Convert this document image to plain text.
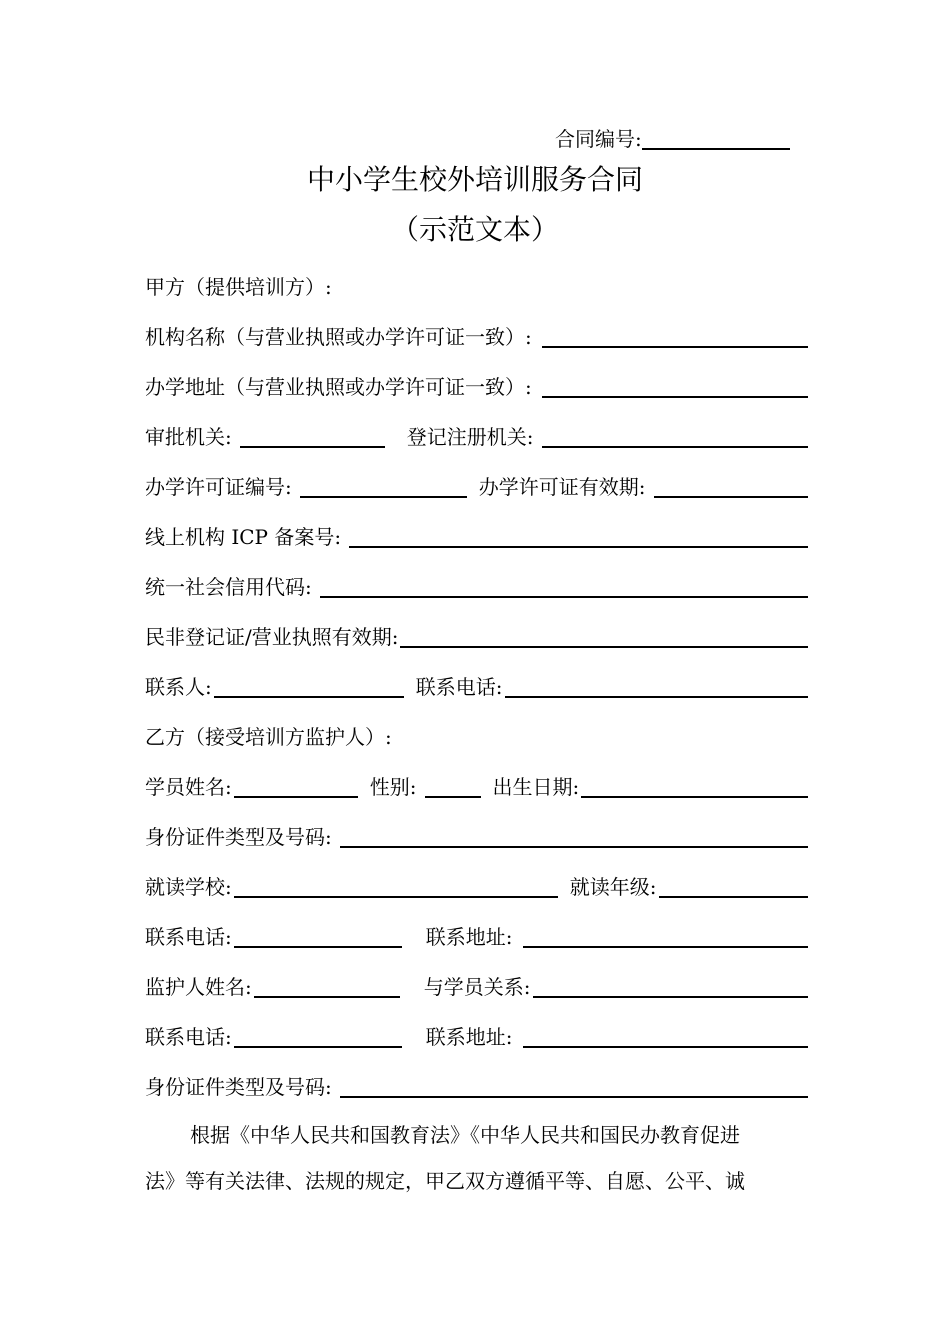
合同编号:
中小学生校外培训服务合同
（示范文本）
甲方（提供培训方）:
机构名称（与营业执照或办学许可证一致）:
办学地址（与营业执照或办学许可证一致）:
审批机关:	登记注册机关:
办学许可证编号:	办学许可证有效期:
线上机构 ICP 备案号:
统一社会信用代码:
民非登记证/营业执照有效期:
联系人:	联系电话:
乙方（接受培训方监护人）:
学员姓名:	性别:	出生日期:
身份证件类型及号码:
就读学校:	就读年级:
联系电话:	联系地址:
监护人姓名:	与学员关系:
联系电话:	联系地址:
身份证件类型及号码:
根据《中华人民共和国教育法》《中华人民共和国民办教育促进
法》等有关法律、法规的规定，甲乙双方遵循平等、自愿、公平、诚
